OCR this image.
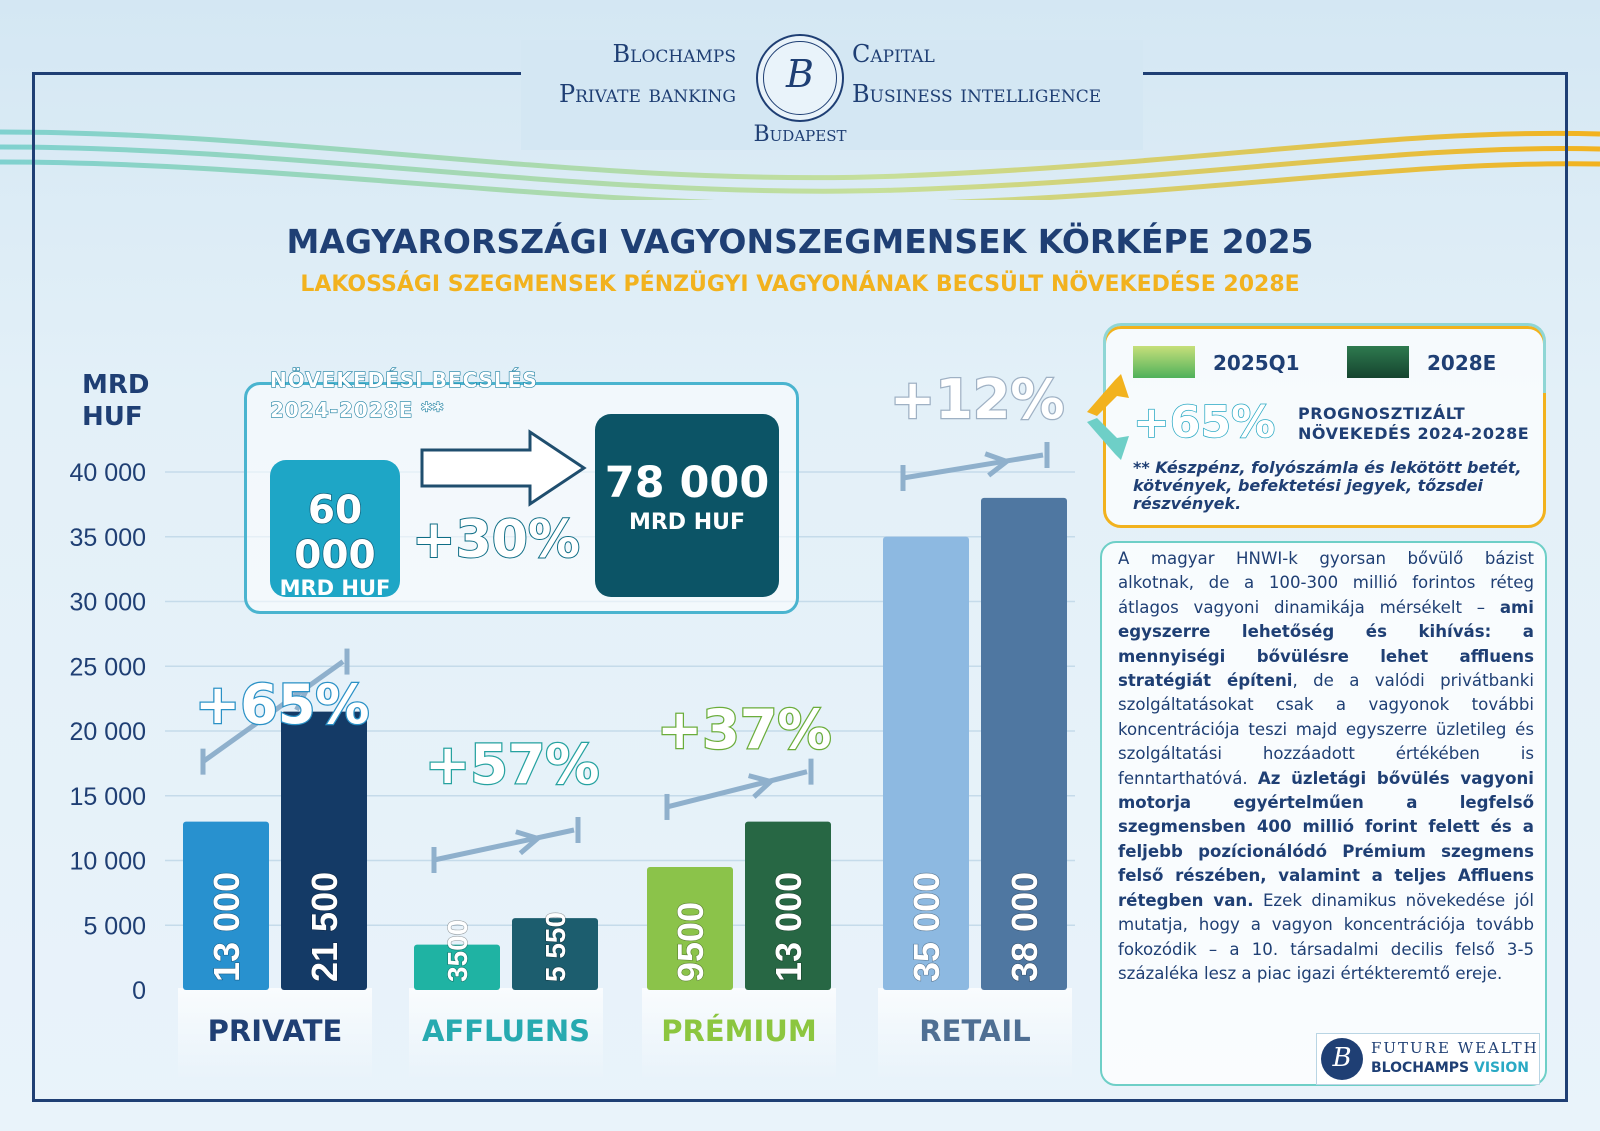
Blochamps	Capital
Private banking	Business intelligence
Budapest
B
MAGYARORSZÁGI VAGYONSZEGMENSEK KÖRKÉPE 2025
LAKOSSÁGI SZEGMENSEK PÉNZÜGYI VAGYONÁNAK BECSÜLT NÖVEKEDÉSE 2028E
MRD
HUF
0
5 000
10 000
15 000
20 000
25 000
30 000
35 000
40 000
PRIVATE
13 000 21 500
+65%
AFFLUENS
3500 5 550
+57%
PRÉMIUM
9500 13 000
+37%
RETAIL
35 000 38 000
+12%
NÖVEKEDÉSI BECSLÉS
2024-2028E **
60 000
MRD HUF
+30%
78 000
MRD HUF
2025Q1	2028E
+65% PROGNOSZTIZÁLT
NÖVEKEDÉS 2024-2028E
** Készpénz, folyószámla és lekötött betét, kötvények, befektetési jegyek, tőzsdei részvények.

A magyar HNWI-k gyorsan bővülő bázist alkotnak, de a 100-300 millió forintos réteg átlagos vagyoni dinamikája mérsékelt – ami egyszerre lehetőség és kihívás: a mennyiségi bővülésre lehet affluens stratégiát építeni, de a valódi privátbanki szolgáltatásokat csak a vagyonok további koncentrációja teszi majd egyszerre üzletileg és szolgáltatási hozzáadott értékében is fenntarthatóvá. Az üzletági bővülés vagyoni motorja egyértelműen a legfelső szegmensben 400 millió forint felett és a feljebb pozícionálódó Prémium szegmens felső részében, valamint a teljes Affluens rétegben van. Ezek dinamikus növekedése jól mutatja, hogy a vagyon koncentrációja tovább fokozódik – a 10. társadalmi decilis felső 3-5 százaléka lesz a piac igazi értékteremtő ereje.

B	FUTURE WEALTH
BLOCHAMPS VISION
